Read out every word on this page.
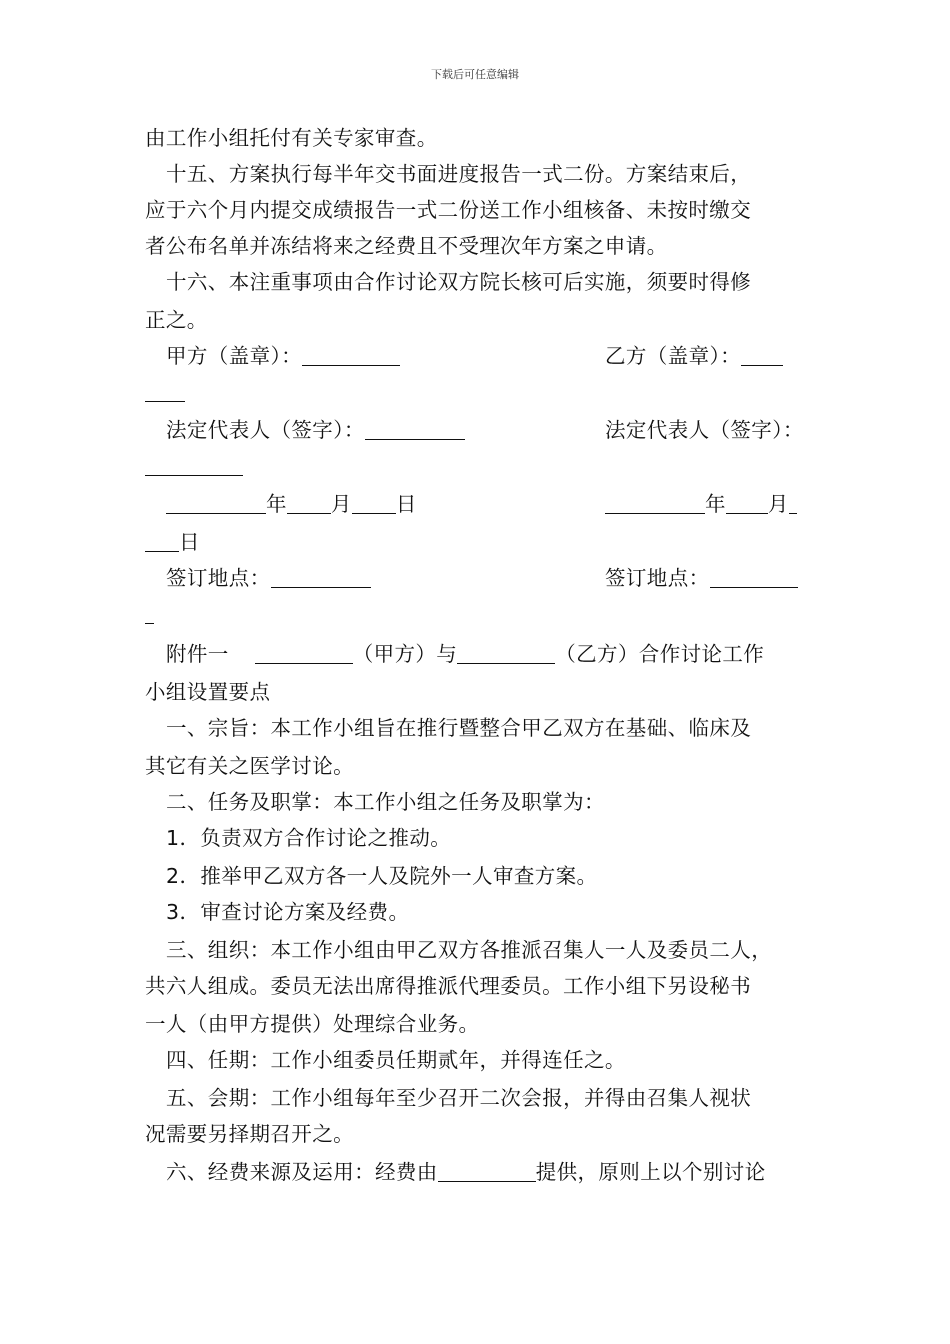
下载后可任意编辑
由工作小组托付有关专家审查。
十五、方案执行每半年交书面进度报告一式二份。方案结束后，
应于六个月内提交成绩报告一式二份送工作小组核备、未按时缴交
者公布名单并冻结将来之经费且不受理次年方案之申请。
十六、本注重事项由合作讨论双方院长核可后实施，须要时得修
正之。
甲方（盖章）：	乙方（盖章）：
法定代表人（签字）：	法定代表人（签字）：
年 月 日	年 月
日
签订地点：	签订地点：
附件一	（甲方）与	（乙方）合作讨论工作
小组设置要点
一、宗旨：本工作小组旨在推行暨整合甲乙双方在基础、临床及
其它有关之医学讨论。
二、任务及职掌：本工作小组之任务及职掌为：
1．负责双方合作讨论之推动。
2．推举甲乙双方各一人及院外一人审查方案。
3．审查讨论方案及经费。
三、组织：本工作小组由甲乙双方各推派召集人一人及委员二人，
共六人组成。委员无法出席得推派代理委员。工作小组下另设秘书
一人（由甲方提供）处理综合业务。
四、任期：工作小组委员任期贰年，并得连任之。
五、会期：工作小组每年至少召开二次会报，并得由召集人视状
况需要另择期召开之。
六、经费来源及运用：经费由	提供，原则上以个别讨论
